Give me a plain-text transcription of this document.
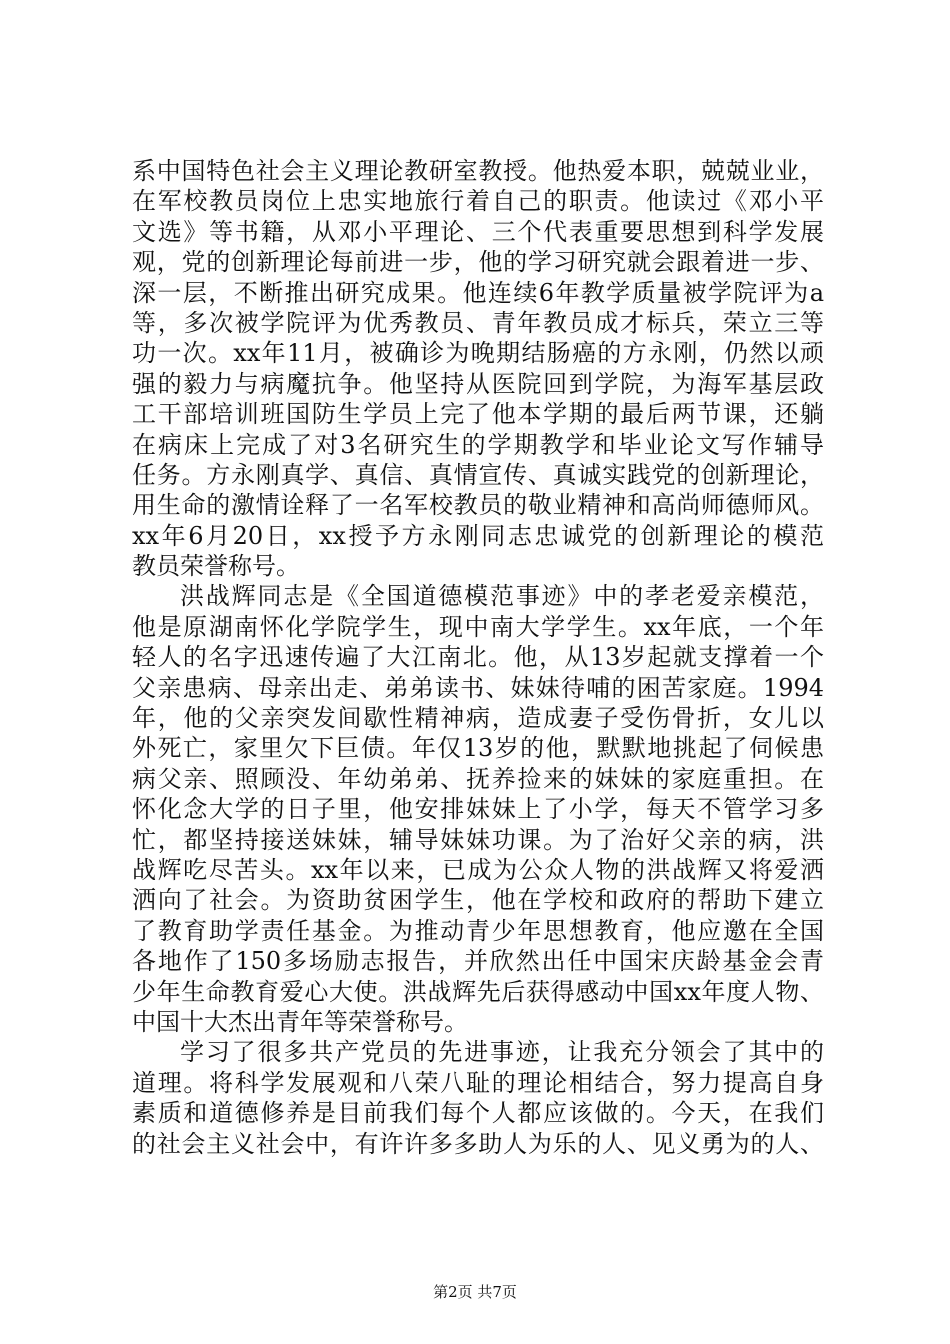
系中国特色社会主义理论教研室教授。他热爱本职，兢兢业业，
在军校教员岗位上忠实地旅行着自己的职责。他读过《邓小平
文选》等书籍，从邓小平理论、三个代表重要思想到科学发展
观，党的创新理论每前进一步，他的学习研究就会跟着进一步、
深一层，不断推出研究成果。他连续6年教学质量被学院评为a
等，多次被学院评为优秀教员、青年教员成才标兵，荣立三等
功一次。xx年11月，被确诊为晚期结肠癌的方永刚，仍然以顽
强的毅力与病魔抗争。他坚持从医院回到学院，为海军基层政
工干部培训班国防生学员上完了他本学期的最后两节课，还躺
在病床上完成了对3名研究生的学期教学和毕业论文写作辅导
任务。方永刚真学、真信、真情宣传、真诚实践党的创新理论，
用生命的激情诠释了一名军校教员的敬业精神和高尚师德师风。
xx年6月20日，xx授予方永刚同志忠诚党的创新理论的模范
教员荣誉称号。
洪战辉同志是《全国道德模范事迹》中的孝老爱亲模范，
他是原湖南怀化学院学生，现中南大学学生。xx年底，一个年
轻人的名字迅速传遍了大江南北。他，从13岁起就支撑着一个
父亲患病、母亲出走、弟弟读书、妹妹待哺的困苦家庭。1994
年，他的父亲突发间歇性精神病，造成妻子受伤骨折，女儿以
外死亡，家里欠下巨债。年仅13岁的他，默默地挑起了伺候患
病父亲、照顾没、年幼弟弟、抚养捡来的妹妹的家庭重担。在
怀化念大学的日子里，他安排妹妹上了小学，每天不管学习多
忙，都坚持接送妹妹，辅导妹妹功课。为了治好父亲的病，洪
战辉吃尽苦头。xx年以来，已成为公众人物的洪战辉又将爱洒
洒向了社会。为资助贫困学生，他在学校和政府的帮助下建立
了教育助学责任基金。为推动青少年思想教育，他应邀在全国
各地作了150多场励志报告，并欣然出任中国宋庆龄基金会青
少年生命教育爱心大使。洪战辉先后获得感动中国xx年度人物、
中国十大杰出青年等荣誉称号。
学习了很多共产党员的先进事迹，让我充分领会了其中的
道理。将科学发展观和八荣八耻的理论相结合，努力提高自身
素质和道德修养是目前我们每个人都应该做的。今天，在我们
的社会主义社会中，有许许多多助人为乐的人、见义勇为的人、
第2页 共7页
